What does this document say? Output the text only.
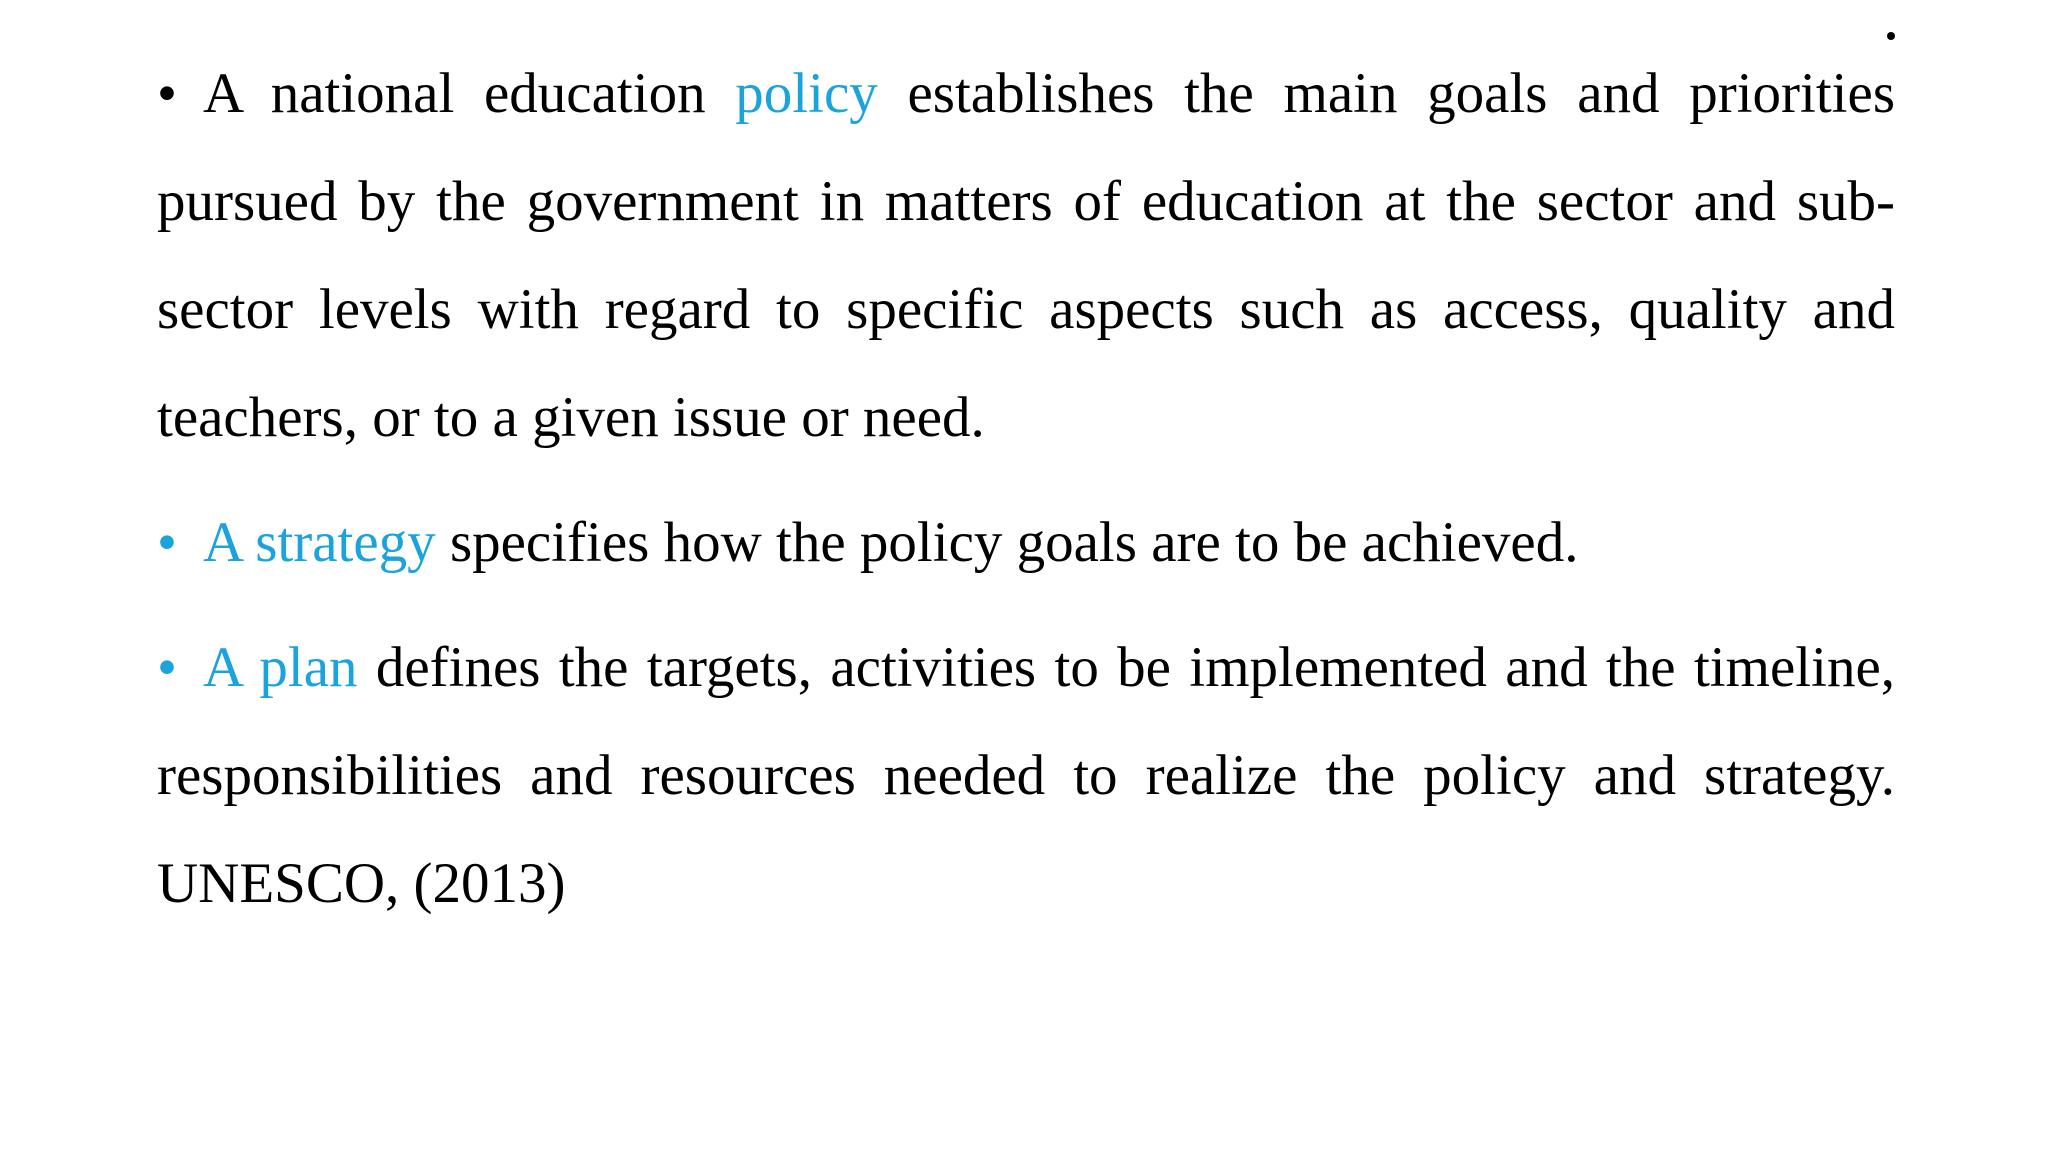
• A national education policy establishes the main goals and priorities pursued by the government in matters of education at the sector and sub-sector levels with regard to specific aspects such as access, quality and teachers, or to a given issue or need.

• A strategy specifies how the policy goals are to be achieved.

• A plan defines the targets, activities to be implemented and the timeline, responsibilities and resources needed to realize the policy and strategy. UNESCO, (2013)
